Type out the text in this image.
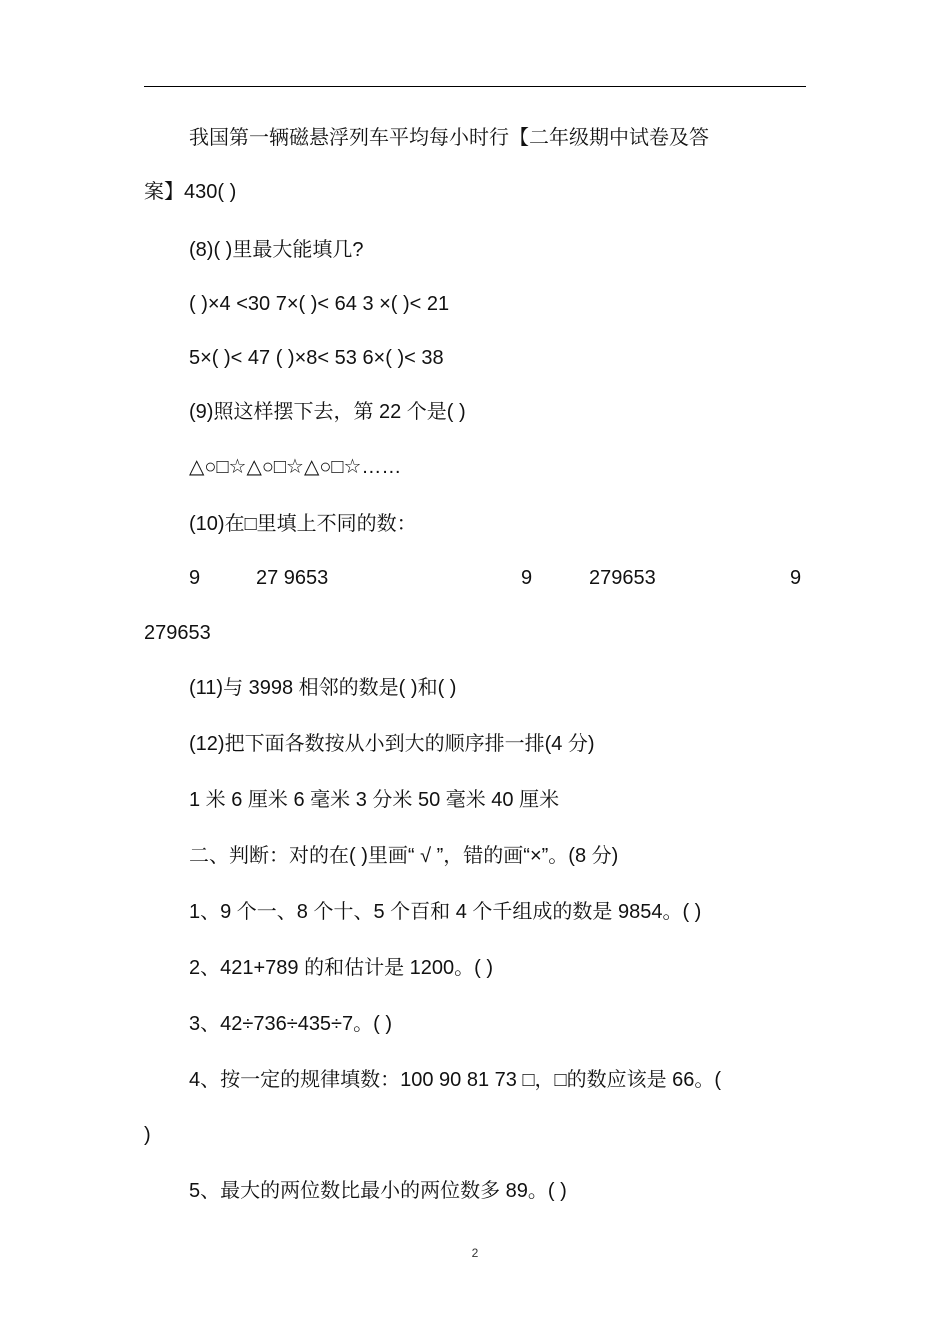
我国第一辆磁悬浮列车平均每小时行【二年级期中试卷及答
案】430( )
(8)( )里最大能填几?
( )×4 <30 7×( )< 64 3 ×( )< 21
5×( )< 47 ( )×8< 53 6×( )< 38
(9)照这样摆下去，第 22 个是( )
△○□☆△○□☆△○□☆……
(10)在□里填上不同的数：
9	27 9653	9	279653	9
279653
(11)与 3998 相邻的数是( )和( )
(12)把下面各数按从小到大的顺序排一排(4 分)
1 米 6 厘米 6 毫米 3 分米 50 毫米 40 厘米
二、判断：对的在( )里画“ √ ”，错的画“×”。(8 分)
1、9 个一、8 个十、5 个百和 4 个千组成的数是 9854。( )
2、421+789 的和估计是 1200。( )
3、42÷736÷435÷7。( )
4、按一定的规律填数：100 90 81 73 □，□的数应该是 66。(
)
5、最大的两位数比最小的两位数多 89。( )
2
